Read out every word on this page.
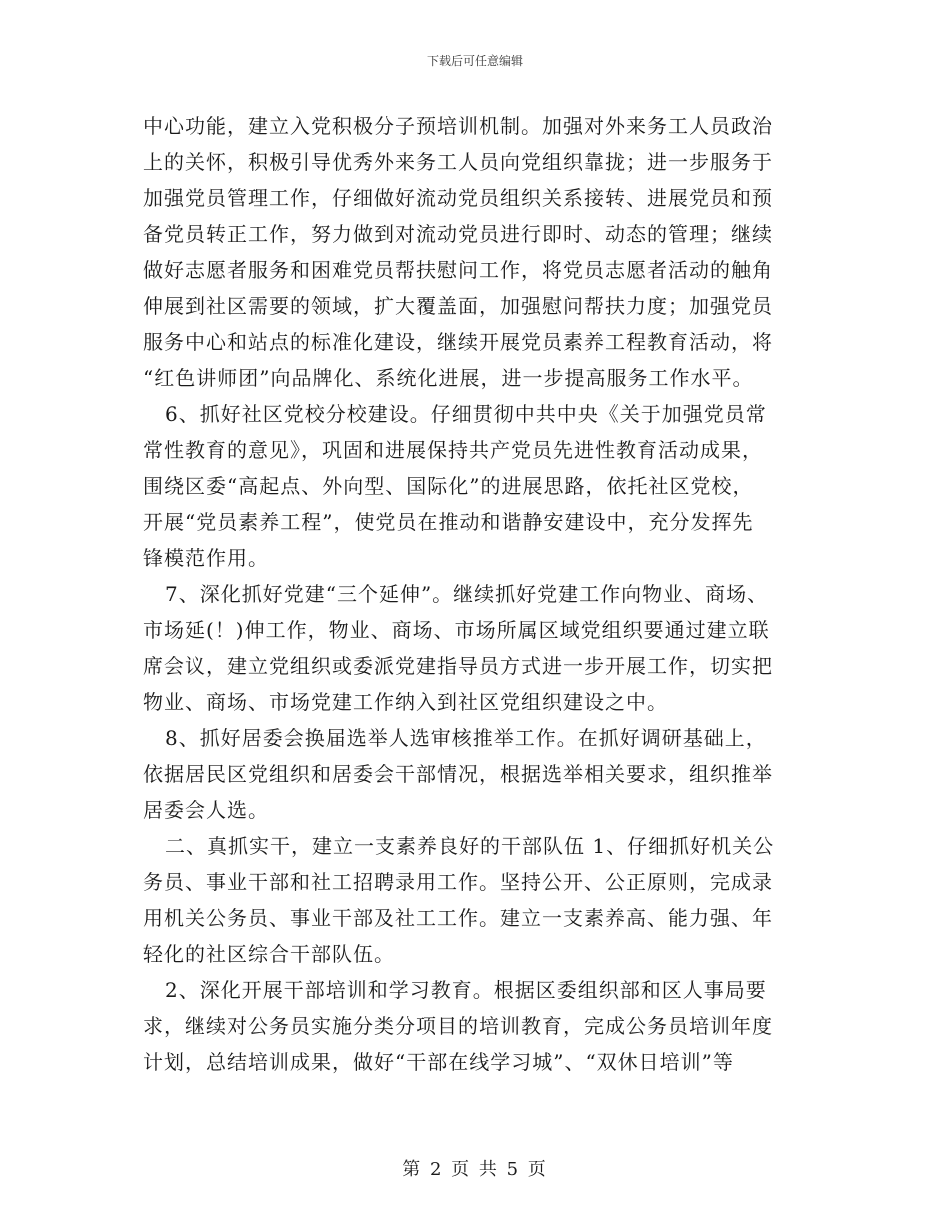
下载后可任意编辑
中心功能，建立入党积极分子预培训机制。加强对外来务工人员政治
上的关怀，积极引导优秀外来务工人员向党组织靠拢；进一步服务于
加强党员管理工作，仔细做好流动党员组织关系接转、进展党员和预
备党员转正工作，努力做到对流动党员进行即时、动态的管理；继续
做好志愿者服务和困难党员帮扶慰问工作，将党员志愿者活动的触角
伸展到社区需要的领域，扩大覆盖面，加强慰问帮扶力度；加强党员
服务中心和站点的标准化建设，继续开展党员素养工程教育活动，将
“红色讲师团”向品牌化、系统化进展，进一步提高服务工作水平。
6、抓好社区党校分校建设。仔细贯彻中共中央《关于加强党员常
常性教育的意见》，巩固和进展保持共产党员先进性教育活动成果，
围绕区委“高起点、外向型、国际化”的进展思路，依托社区党校，
开展“党员素养工程”，使党员在推动和谐静安建设中，充分发挥先
锋模范作用。
7、深化抓好党建“三个延伸”。继续抓好党建工作向物业、商场、
市场延(！)伸工作，物业、商场、市场所属区域党组织要通过建立联
席会议，建立党组织或委派党建指导员方式进一步开展工作，切实把
物业、商场、市场党建工作纳入到社区党组织建设之中。
8、抓好居委会换届选举人选审核推举工作。在抓好调研基础上，
依据居民区党组织和居委会干部情况，根据选举相关要求，组织推举
居委会人选。
二、真抓实干，建立一支素养良好的干部队伍 1、仔细抓好机关公
务员、事业干部和社工招聘录用工作。坚持公开、公正原则，完成录
用机关公务员、事业干部及社工工作。建立一支素养高、能力强、年
轻化的社区综合干部队伍。
2、深化开展干部培训和学习教育。根据区委组织部和区人事局要
求，继续对公务员实施分类分项目的培训教育，完成公务员培训年度
计划，总结培训成果，做好“干部在线学习城”、“双休日培训”等
第 2 页 共 5 页
